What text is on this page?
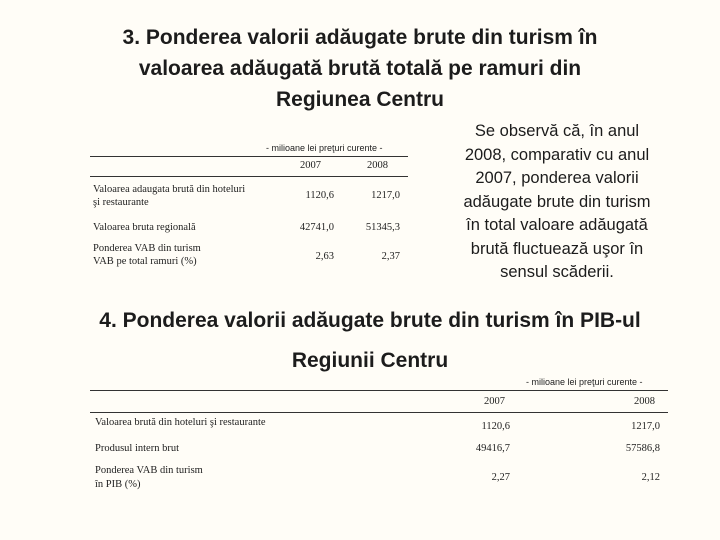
3. Ponderea valorii adăugate brute din turism în
valoarea adăugată brută totală pe ramuri din
Regiunea Centru
- milioane lei preţuri curente -
2007	2008
Valoarea adaugata brută din hoteluri
şi restaurante
1120,6	1217,0
Valoarea bruta regională	42741,0	51345,3
Ponderea VAB din turism
VAB pe total ramuri (%)	2,63	2,37
Se observă că, în anul
2008, comparativ cu anul
2007, ponderea valorii
adăugate brute din turism
în total valoare adăugată
brută fluctuează uşor în
sensul scăderii.
4. Ponderea valorii adăugate brute din turism în PIB-ul
Regiunii Centru
- milioane lei preţuri curente -
2007	2008
Valoarea brută din hoteluri şi restaurante	1120,6	1217,0
Produsul intern brut	49416,7	57586,8
Ponderea VAB din turism
în PIB (%)
2,27	2,12
